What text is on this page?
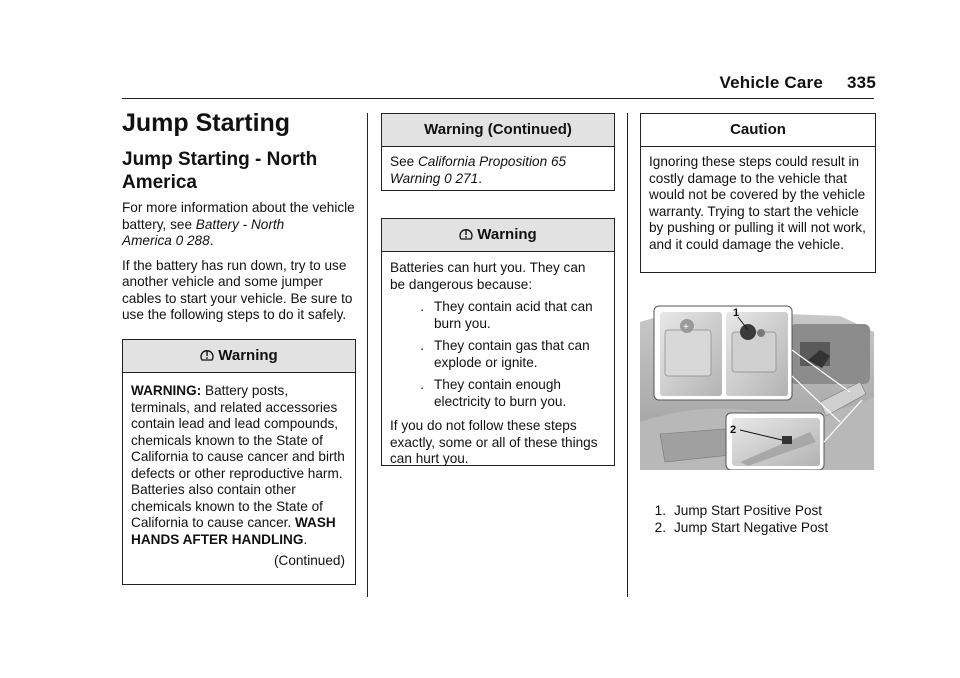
Vehicle Care 335
Jump Starting
Jump Starting - North America

For more information about the vehicle battery, see Battery - North America 0 288.

If the battery has run down, try to use another vehicle and some jumper cables to start your vehicle. Be sure to use the following steps to do it safely.

Warning
WARNING: Battery posts, terminals, and related accessories contain lead and lead compounds, chemicals known to the State of California to cause cancer and birth defects or other reproductive harm. Batteries also contain other chemicals known to the State of California to cause cancer. WASH HANDS AFTER HANDLING.
(Continued)
Warning (Continued)
See California Proposition 65 Warning 0 271.
Warning

Batteries can hurt you. They can be dangerous because:

. They contain acid that can burn you.
. They contain gas that can explode or ignite.
. They contain enough electricity to burn you.

If you do not follow these steps exactly, some or all of these things can hurt you.

Caution
Ignoring these steps could result in costly damage to the vehicle that would not be covered by the vehicle warranty. Trying to start the vehicle by pushing or pulling it will not work, and it could damage the vehicle.
+
1
2
1. Jump Start Positive Post
2. Jump Start Negative Post
